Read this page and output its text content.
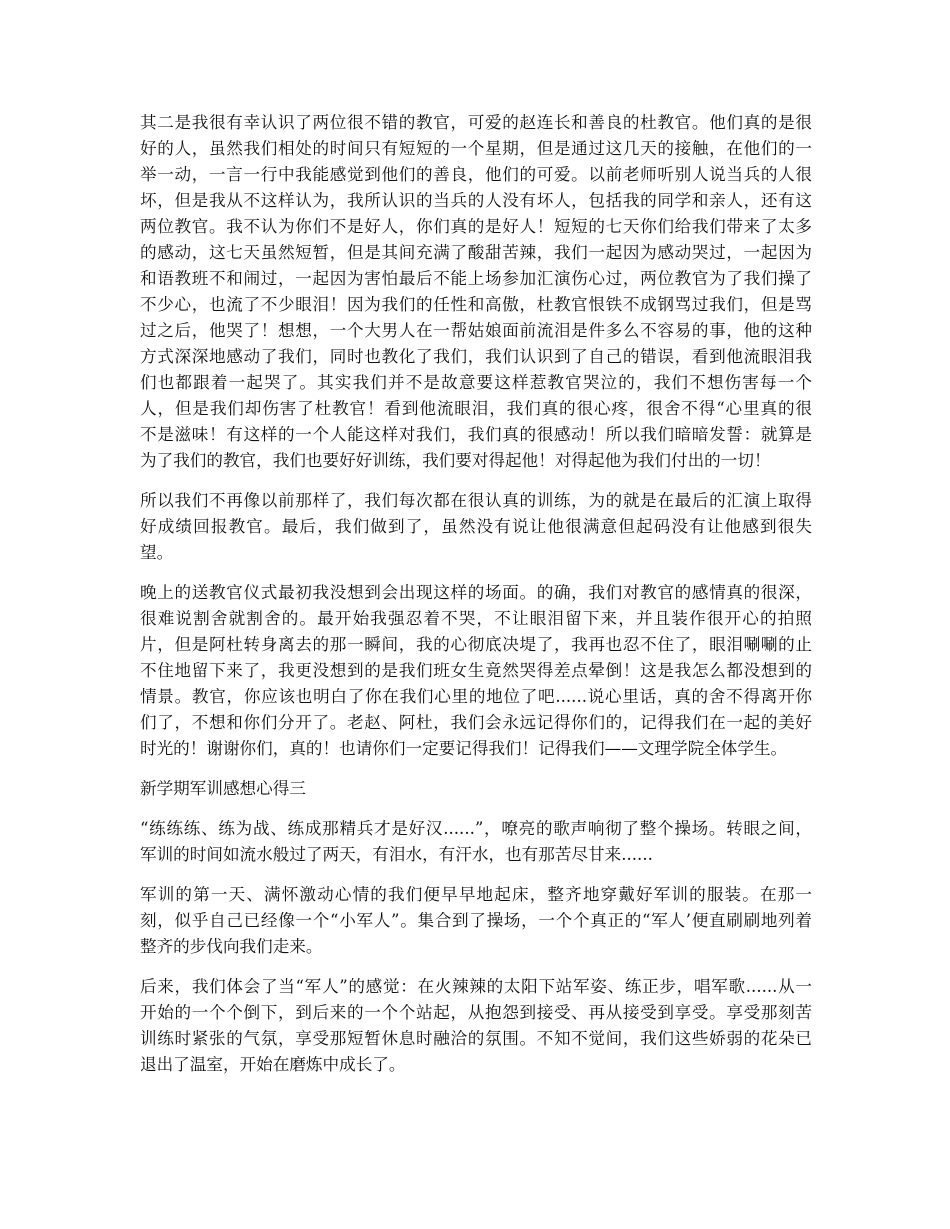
其二是我很有幸认识了两位很不错的教官，可爱的赵连长和善良的杜教官。他们真的是很
好的人，虽然我们相处的时间只有短短的一个星期，但是通过这几天的接触，在他们的一
举一动，一言一行中我能感觉到他们的善良，他们的可爱。以前老师听别人说当兵的人很
坏，但是我从不这样认为，我所认识的当兵的人没有坏人，包括我的同学和亲人，还有这
两位教官。我不认为你们不是好人，你们真的是好人！短短的七天你们给我们带来了太多
的感动，这七天虽然短暂，但是其间充满了酸甜苦辣，我们一起因为感动哭过，一起因为
和语教班不和闹过，一起因为害怕最后不能上场参加汇演伤心过，两位教官为了我们操了
不少心，也流了不少眼泪！因为我们的任性和高傲，杜教官恨铁不成钢骂过我们，但是骂
过之后，他哭了！想想，一个大男人在一帮姑娘面前流泪是件多么不容易的事，他的这种
方式深深地感动了我们，同时也教化了我们，我们认识到了自己的错误，看到他流眼泪我
们也都跟着一起哭了。其实我们并不是故意要这样惹教官哭泣的，我们不想伤害每一个
人，但是我们却伤害了杜教官！看到他流眼泪，我们真的很心疼，很舍不得“心里真的很
不是滋味！有这样的一个人能这样对我们，我们真的很感动！所以我们暗暗发誓：就算是
为了我们的教官，我们也要好好训练，我们要对得起他！对得起他为我们付出的一切！
所以我们不再像以前那样了，我们每次都在很认真的训练，为的就是在最后的汇演上取得
好成绩回报教官。最后，我们做到了，虽然没有说让他很满意但起码没有让他感到很失
望。
晚上的送教官仪式最初我没想到会出现这样的场面。的确，我们对教官的感情真的很深，
很难说割舍就割舍的。最开始我强忍着不哭，不让眼泪留下来，并且装作很开心的拍照
片，但是阿杜转身离去的那一瞬间，我的心彻底决堤了，我再也忍不住了，眼泪唰唰的止
不住地留下来了，我更没想到的是我们班女生竟然哭得差点晕倒！这是我怎么都没想到的
情景。教官，你应该也明白了你在我们心里的地位了吧......说心里话，真的舍不得离开你
们了，不想和你们分开了。老赵、阿杜，我们会永远记得你们的，记得我们在一起的美好
时光的！谢谢你们，真的！也请你们一定要记得我们！记得我们——文理学院全体学生。
新学期军训感想心得三
“练练练、练为战、练成那精兵才是好汉......”，嘹亮的歌声响彻了整个操场。转眼之间，
军训的时间如流水般过了两天，有泪水，有汗水，也有那苦尽甘来......
军训的第一天、满怀激动心情的我们便早早地起床，整齐地穿戴好军训的服装。在那一
刻，似乎自己已经像一个“小军人”。集合到了操场，一个个真正的“军人’便直刷刷地列着
整齐的步伐向我们走来。
后来，我们体会了当“军人”的感觉：在火辣辣的太阳下站军姿、练正步，唱军歌......从一
开始的一个个倒下，到后来的一个个站起，从抱怨到接受、再从接受到享受。享受那刻苦
训练时紧张的气氛，享受那短暂休息时融洽的氛围。不知不觉间，我们这些娇弱的花朵已
退出了温室，开始在磨炼中成长了。
